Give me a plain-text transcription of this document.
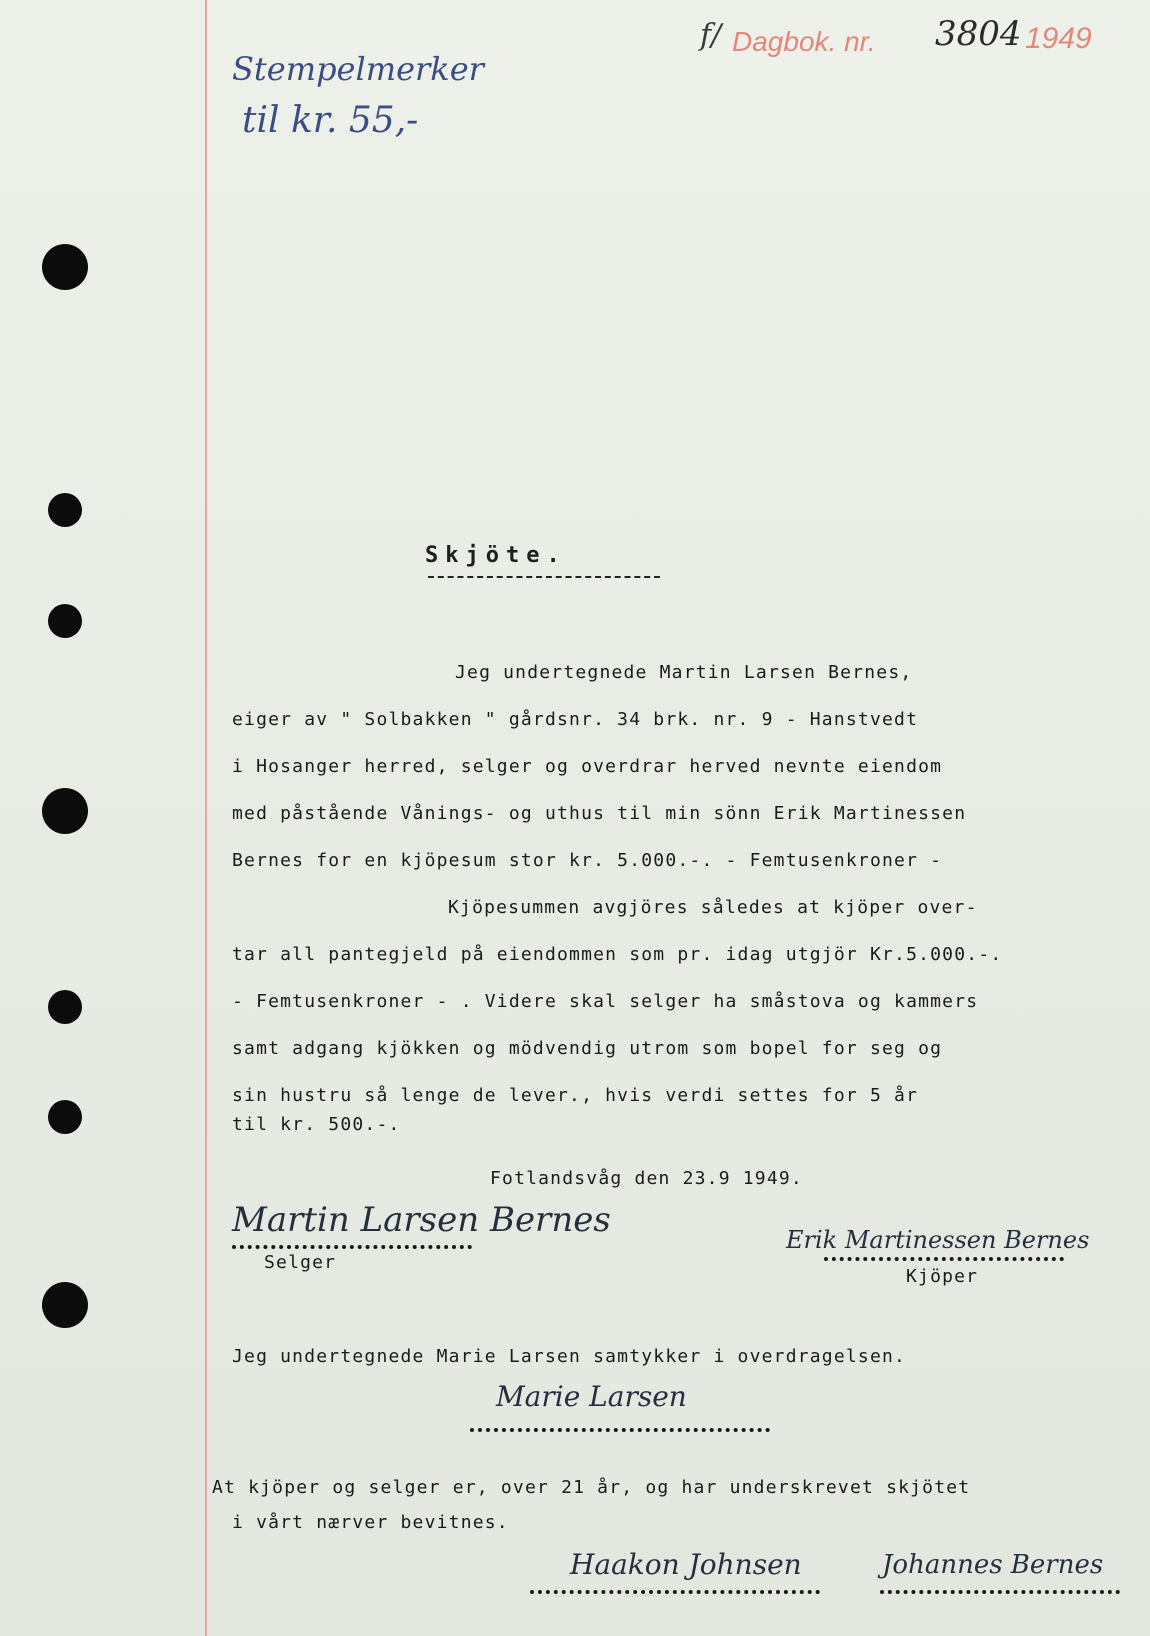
f/ Dagbok. nr. 3804 1949
Stempelmerker
til kr. 55,-
Skjöte.
Jeg undertegnede Martin Larsen Bernes,
eiger av " Solbakken " gårdsnr. 34 brk. nr. 9 - Hanstvedt
i Hosanger herred, selger og overdrar herved nevnte eiendom
med påstående Vånings- og uthus til min sönn Erik Martinessen
Bernes for en kjöpesum stor kr. 5.000.-. - Femtusenkroner -
Kjöpesummen avgjöres således at kjöper over-
tar all pantegjeld på eiendommen som pr. idag utgjör Kr.5.000.-.
- Femtusenkroner - . Videre skal selger ha småstova og kammers
samt adgang kjökken og mödvendig utrom som bopel for seg og
sin hustru så lenge de lever., hvis verdi settes for 5 år
til kr. 500.-.
Fotlandsvåg den 23.9 1949.
Martin Larsen Bernes
Selger
Erik Martinessen Bernes
Kjöper
Jeg undertegnede Marie Larsen samtykker i overdragelsen.
Marie Larsen
At kjöper og selger er, over 21 år, og har underskrevet skjötet
i vårt nærver bevitnes.
Haakon Johnsen	Johannes Bernes
